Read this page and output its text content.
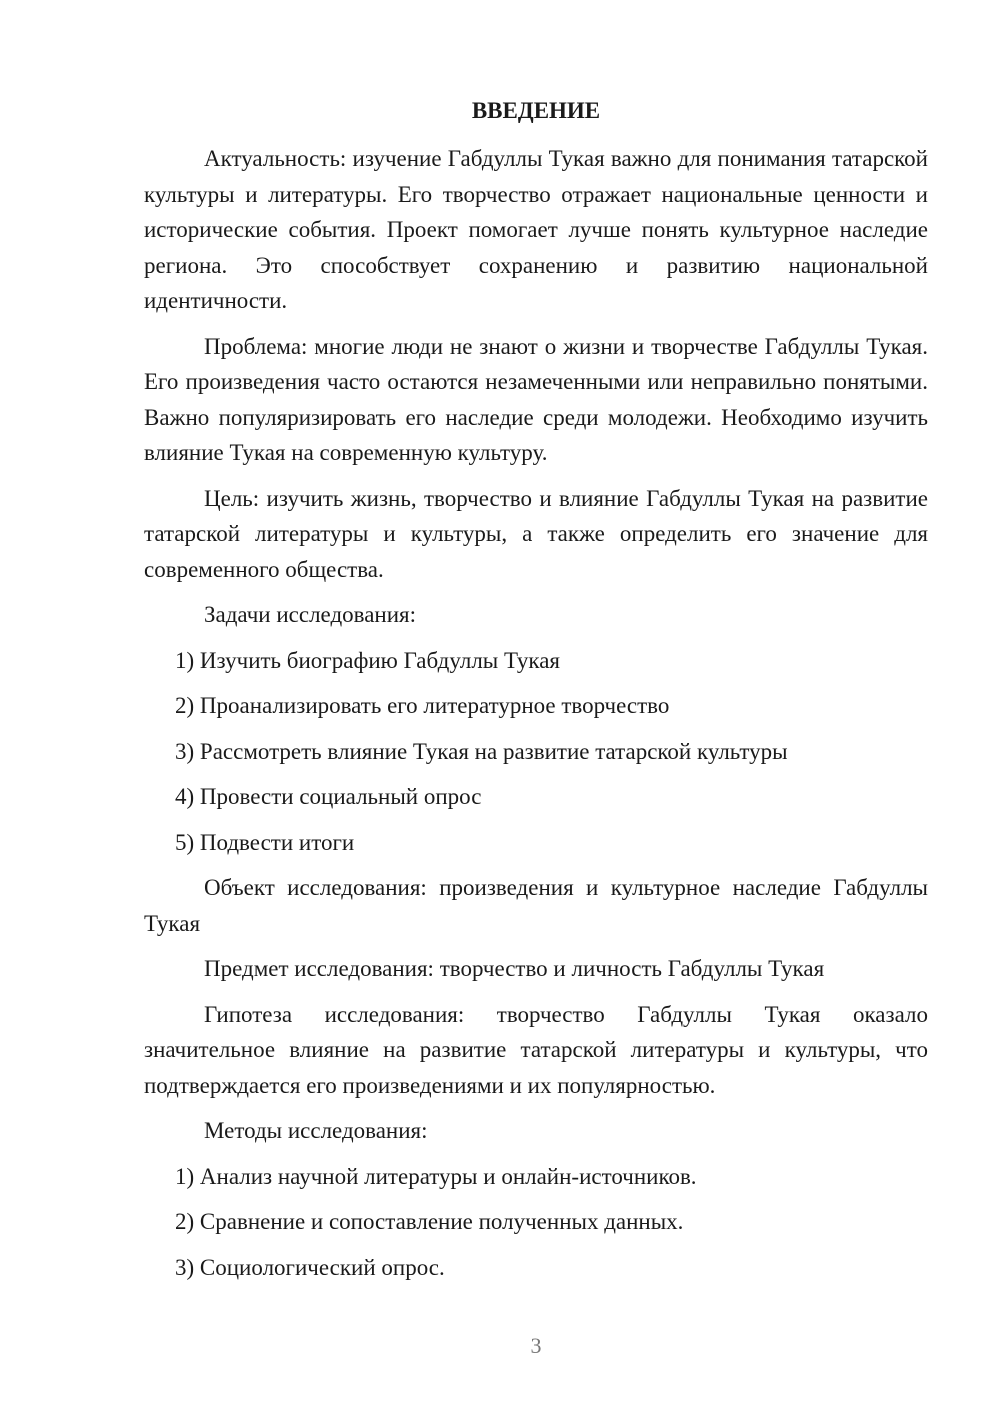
ВВЕДЕНИЕ

Актуальность: изучение Габдуллы Тукая важно для понимания татарской культуры и литературы. Его творчество отражает национальные ценности и исторические события. Проект помогает лучше понять культурное наследие региона. Это способствует сохранению и развитию национальной идентичности.

Проблема: многие люди не знают о жизни и творчестве Габдуллы Тукая. Его произведения часто остаются незамеченными или неправильно понятыми. Важно популяризировать его наследие среди молодежи. Необходимо изучить влияние Тукая на современную культуру.

Цель: изучить жизнь, творчество и влияние Габдуллы Тукая на развитие татарской литературы и культуры, а также определить его значение для современного общества.

Задачи исследования:

1) Изучить биографию Габдуллы Тукая

2) Проанализировать его литературное творчество

3) Рассмотреть влияние Тукая на развитие татарской культуры

4) Провести социальный опрос

5) Подвести итоги

Объект исследования: произведения и культурное наследие Габдуллы Тукая

Предмет исследования: творчество и личность Габдуллы Тукая

Гипотеза исследования: творчество Габдуллы Тукая оказало значительное влияние на развитие татарской литературы и культуры, что подтверждается его произведениями и их популярностью.

Методы исследования:

1) Анализ научной литературы и онлайн-источников.

2) Сравнение и сопоставление полученных данных.

3) Социологический опрос.

3
